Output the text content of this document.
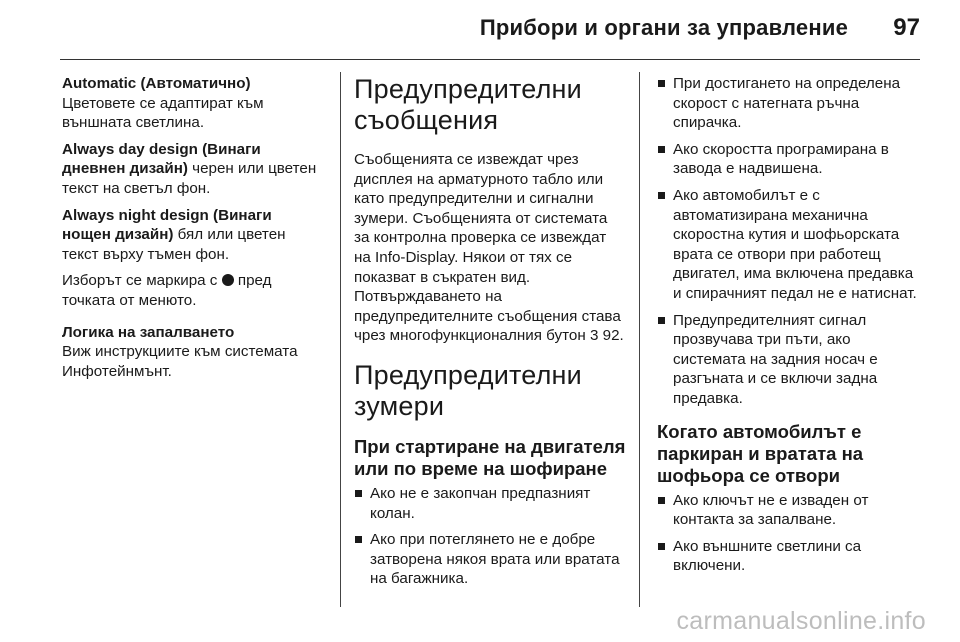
Прибори и органи за управление 97

Automatic (Автоматично)
Цветовете се адаптират към външната светлина.

Always day design (Винаги дневнен дизайн) черен или цветен текст на светъл фон.

Always night design (Винаги нощен дизайн) бял или цветен текст върху тъмен фон.

Изборът се маркира с  пред точката от менюто.

Логика на запалването

Виж инструкциите към системата Инфотейнмънт.

Предупредителни съобщения

Съобщенията се извеждат чрез дисплея на арматурното табло или като предупредителни и сигнални зумери. Съобщенията от системата за контролна проверка се извеждат на Info-Display. Някои от тях се показват в съкратен вид. Потвърждаването на предупредителните съобщения става чрез многофункционалния бутон 3 92.

Предупредителни зумери
При стартиране на двигателя или по време на шофиране
Ако не е закопчан предпазният колан.
Ако при потеглянето не е добре затворена някоя врата или вратата на багажника.
При достигането на определена скорост с натегната ръчна спирачка.
Ако скоростта програмирана в завода е надвишена.
Ако автомобилът е с автоматизирана механична скоростна кутия и шофьорската врата се отвори при работещ двигател, има включена предавка и спирачният педал не е натиснат.
Предупредителният сигнал прозвучава три пъти, ако системата на задния носач е разгъната и се включи задна предавка.
Когато автомобилът е паркиран и вратата на шофьора се отвори
Ако ключът не е изваден от контакта за запалване.
Ако външните светлини са включени.
carmanualsonline.info
